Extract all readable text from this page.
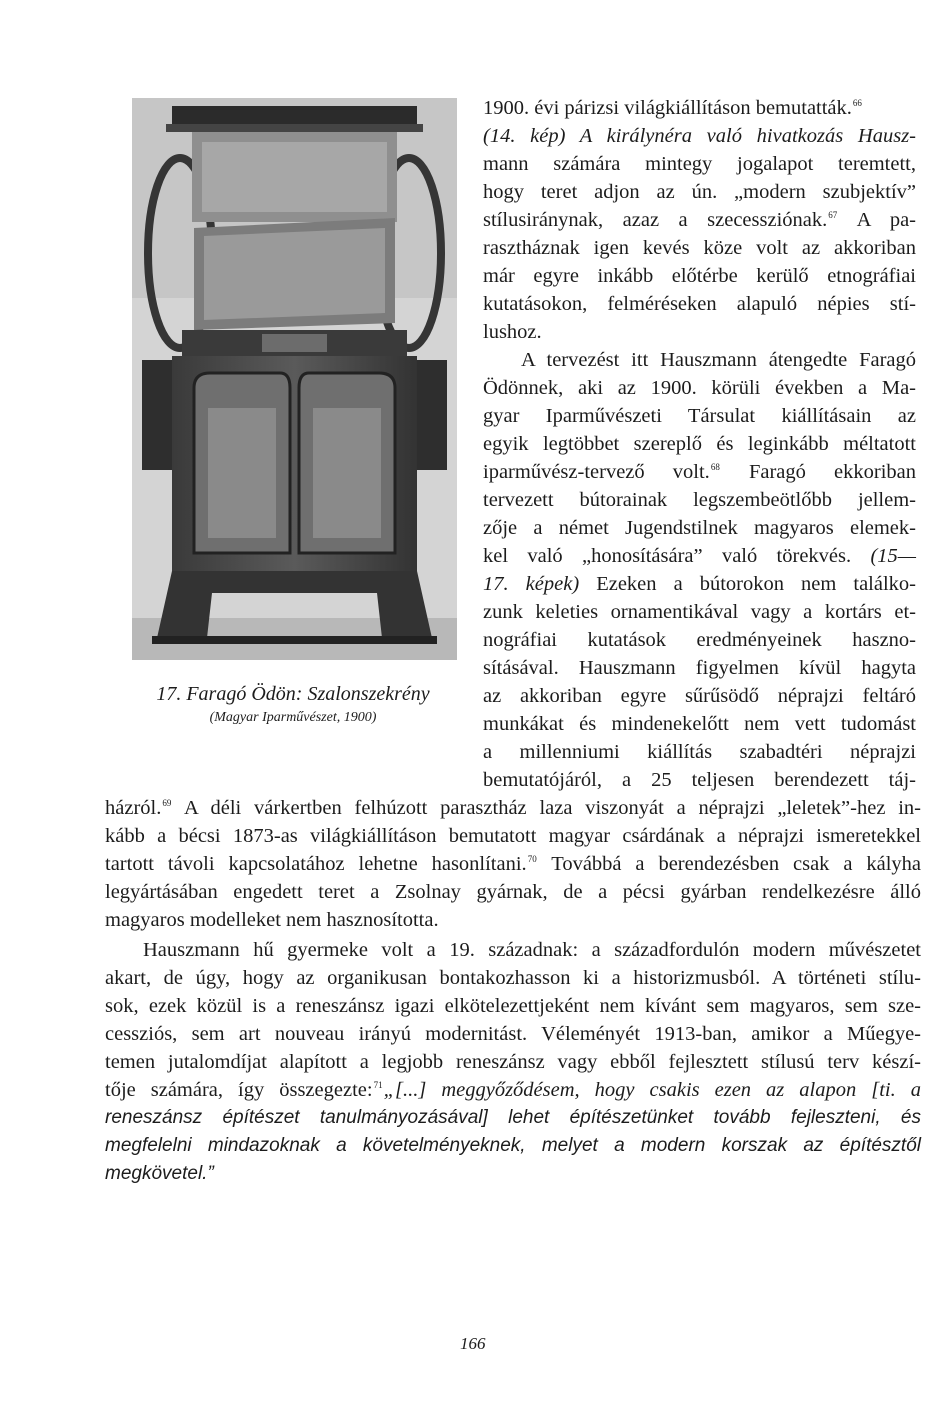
17. Faragó Ödön: Szalonszekrény
(Magyar Iparművészet, 1900)
1900. évi párizsi világkiállításon bemutatták.$^{66}$
(14. kép) A királynéra való hivatkozás Hausz-
mann számára mintegy jogalapot teremtett,
hogy teret adjon az ún. „modern szubjektív”
stílusiránynak, azaz a szecessziónak.$^{67}$ A pa-
rasztháznak igen kevés köze volt az akkoriban
már egyre inkább előtérbe kerülő etnográfiai
kutatásokon, felméréseken alapuló népies stí-
lushoz.
A tervezést itt Hauszmann átengedte Faragó
Ödönnek, aki az 1900. körüli években a Ma-
gyar Iparművészeti Társulat kiállításain az
egyik legtöbbet szereplő és leginkább méltatott
iparművész-tervező volt.$^{68}$ Faragó ekkoriban
tervezett bútorainak legszembeötlőbb jellem-
zője a német Jugendstilnek magyaros elemek-
kel való „honosítására” való törekvés. (15—
17. képek) Ezeken a bútorokon nem találko-
zunk keleties ornamentikával vagy a kortárs et-
nográfiai kutatások eredményeinek haszno-
sításával. Hauszmann figyelmen kívül hagyta
az akkoriban egyre sűrűsödő néprajzi feltáró
munkákat és mindenekelőtt nem vett tudomást
a millenniumi kiállítás szabadtéri néprajzi
bemutatójáról, a 25 teljesen berendezett táj-
házról.$^{69}$ A déli várkertben felhúzott parasztház laza viszonyát a néprajzi „leletek”-hez in-
kább a bécsi 1873-as világkiállításon bemutatott magyar csárdának a néprajzi ismeretekkel
tartott távoli kapcsolatához lehetne hasonlítani.$^{70}$ Továbbá a berendezésben csak a kályha
legyártásában engedett teret a Zsolnay gyárnak, de a pécsi gyárban rendelkezésre álló
magyaros modelleket nem hasznosította.
Hauszmann hű gyermeke volt a 19. századnak: a századfordulón modern művészetet
akart, de úgy, hogy az organikusan bontakozhasson ki a historizmusból. A történeti stílu-
sok, ezek közül is a reneszánsz igazi elkötelezettjeként nem kívánt sem magyaros, sem sze-
cessziós, sem art nouveau irányú modernitást. Véleményét 1913-ban, amikor a Műegye-
temen jutalomdíjat alapított a legjobb reneszánsz vagy ebből fejlesztett stílusú terv készí-
tője számára, így összegezte:$^{71}$„[...] meggyőződésem, hogy csakis ezen az alapon [ti. a
reneszánsz építészet tanulmányozásával] lehet építészetünket tovább fejleszteni, és
megfelelni mindazoknak a követelményeknek, melyet a modern korszak az építésztől
megkövetel.”
166
